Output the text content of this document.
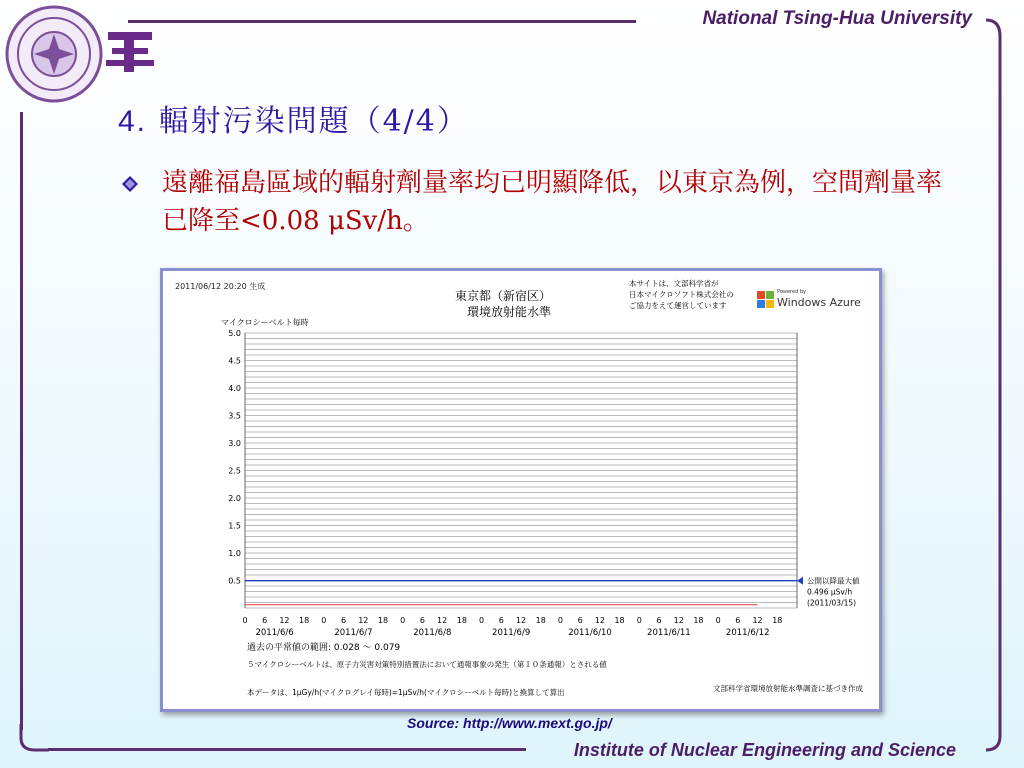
National Tsing-Hua University
Institute of Nuclear Engineering and Science
4. 輻射污染問題（4/4）
遠離福島區域的輻射劑量率均已明顯降低，以東京為例，空間劑量率已降至<0.08 μSv/h。
2011/06/12 20:20 生成
東京都（新宿区）
環境放射能水準
本サイトは、文部科学省が
日本マイクロソフト株式会社の
ご協力をえて運営しています
Powered by
Windows Azure
マイクロシーベルト毎時
5.0
4.5
4.0
3.5
3.0
2.5
2.0
1.5
1.0
0.5
0 6 12 18 0 6 12 18 0 6 12 18 0 6 12 18 0 6 12 18 0 6 12 18 0 6 12 18
2011/6/6	2011/6/7	2011/6/8	2011/6/9	2011/6/10	2011/6/11	2011/6/12
公開以降最大値
0.496 μSv/h
(2011/03/15)
過去の平常値の範囲: 0.028 ～ 0.079
５マイクロシーベルトは、原子力災害対策特別措置法において通報事象の発生（第１０条通報）とされる値
本データは、1μGy/h(マイクログレイ毎時)=1μSv/h(マイクロシーベルト毎時)と換算して算出	文部科学省環境放射能水準調査に基づき作成
Source: http://www.mext.go.jp/
